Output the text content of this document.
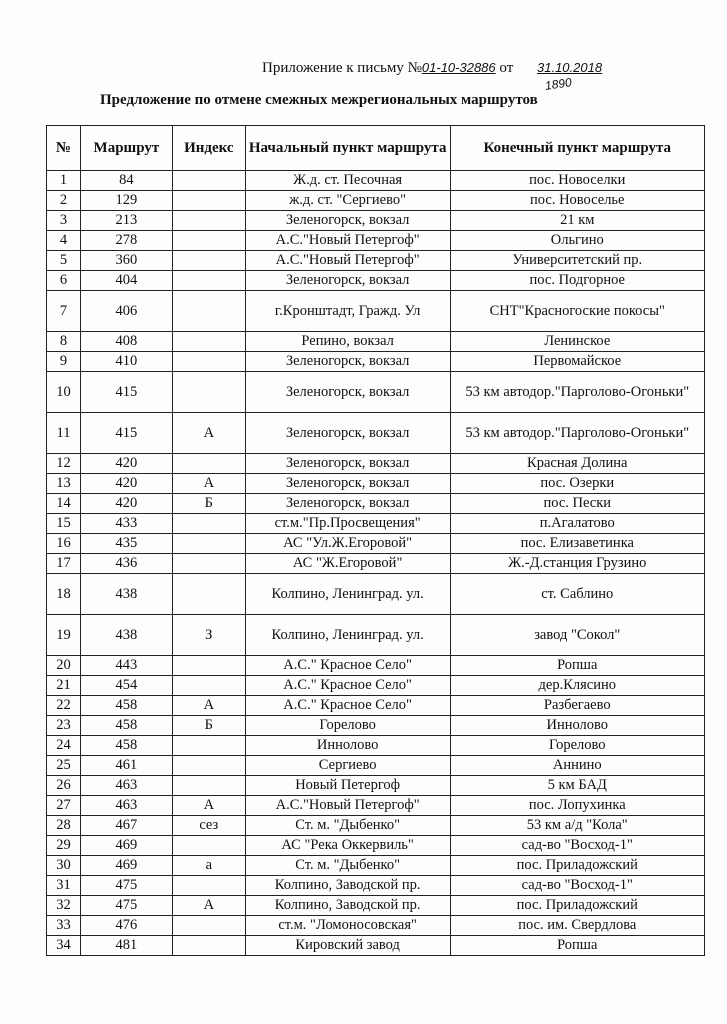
Приложение к письму №01-10-32886 от 31.10.2018
1890
Предложение по отмене смежных межрегиональных маршрутов
№	Маршрут	Индекс	Начальный пункт маршрута	Конечный пункт маршрута
1	84		Ж.д. ст. Песочная	пос. Новоселки
2	129		ж.д. ст. "Сергиево"	пос. Новоселье
3	213		Зеленогорск, вокзал	21 км
4	278		А.С."Новый Петергоф"	Ольгино
5	360		А.С."Новый Петергоф"	Университетский пр.
6	404		Зеленогорск, вокзал	пос. Подгорное
7	406		г.Кронштадт, Гражд. Ул	СНТ"Красногоские покосы"
8	408		Репино, вокзал	Ленинское
9	410		Зеленогорск, вокзал	Первомайское
10	415		Зеленогорск, вокзал	53 км автодор."Парголово-Огоньки"
11	415	А	Зеленогорск, вокзал	53 км автодор."Парголово-Огоньки"
12	420		Зеленогорск, вокзал	Красная Долина
13	420	А	Зеленогорск, вокзал	пос. Озерки
14	420	Б	Зеленогорск, вокзал	пос. Пески
15	433		ст.м."Пр.Просвещения"	п.Агалатово
16	435		АС "Ул.Ж.Егоровой"	пос. Елизаветинка
17	436		АС "Ж.Егоровой"	Ж.-Д.станция Грузино
18	438		Колпино, Ленинград. ул.	ст. Саблино
19	438	З	Колпино, Ленинград. ул.	завод "Сокол"
20	443		А.С." Красное Село"	Ропша
21	454		А.С." Красное Село"	дер.Клясино
22	458	А	А.С." Красное Село"	Разбегаево
23	458	Б	Горелово	Иннолово
24	458		Иннолово	Горелово
25	461		Сергиево	Аннино
26	463		Новый Петергоф	5 км БАД
27	463	А	А.С."Новый Петергоф"	пос. Лопухинка
28	467	сез	Ст. м. "Дыбенко"	53 км а/д "Кола"
29	469		АС "Река Оккервиль"	сад-во "Восход-1"
30	469	а	Ст. м. "Дыбенко"	пос. Приладожский
31	475		Колпино, Заводской пр.	сад-во "Восход-1"
32	475	А	Колпино, Заводской пр.	пос. Приладожский
33	476		ст.м. "Ломоносовская"	пос. им. Свердлова
34	481		Кировский завод	Ропша
